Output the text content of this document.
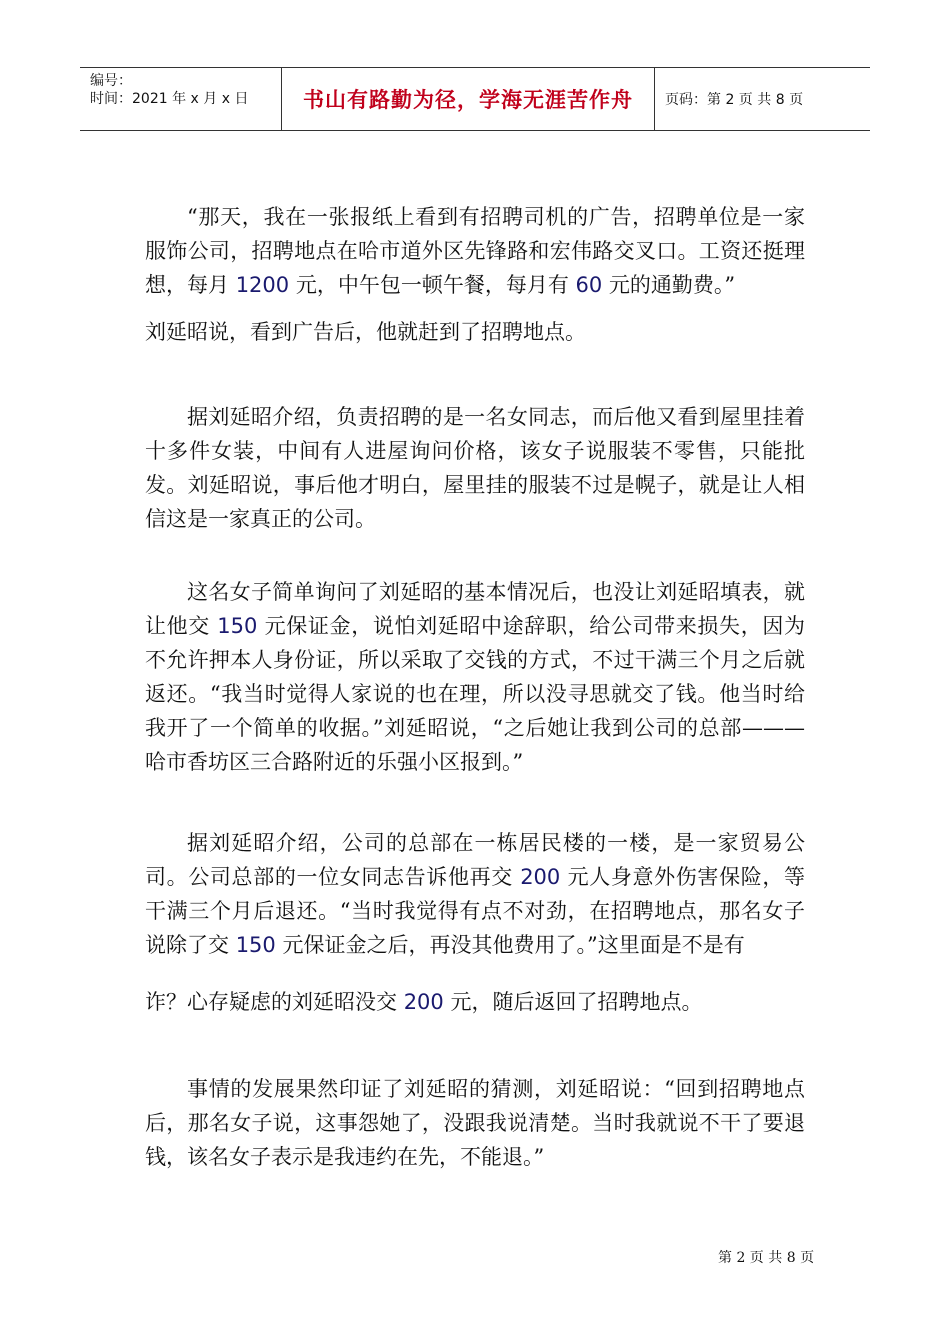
编号：
时间：2021 年 x 月 x 日	书山有路勤为径，学海无涯苦作舟 页码：第 2 页 共 8 页

“那天，我在一张报纸上看到有招聘司机的广告，招聘单位是一家服饰公司，招聘地点在哈市道外区先锋路和宏伟路交叉口。工资还挺理想，每月 1200 元，中午包一顿午餐，每月有 60 元的通勤费。”

刘延昭说，看到广告后，他就赶到了招聘地点。

据刘延昭介绍，负责招聘的是一名女同志，而后他又看到屋里挂着十多件女装，中间有人进屋询问价格，该女子说服装不零售，只能批发。刘延昭说，事后他才明白，屋里挂的服装不过是幌子，就是让人相信这是一家真正的公司。

这名女子简单询问了刘延昭的基本情况后，也没让刘延昭填表，就让他交 150 元保证金，说怕刘延昭中途辞职，给公司带来损失，因为不允许押本人身份证，所以采取了交钱的方式，不过干满三个月之后就返还。“我当时觉得人家说的也在理，所以没寻思就交了钱。他当时给我开了一个简单的收据。”刘延昭说，“之后她让我到公司的总部———哈市香坊区三合路附近的乐强小区报到。”

据刘延昭介绍，公司的总部在一栋居民楼的一楼，是一家贸易公司。公司总部的一位女同志告诉他再交 200 元人身意外伤害保险，等干满三个月后退还。“当时我觉得有点不对劲，在招聘地点，那名女子说除了交 150 元保证金之后，再没其他费用了。”这里面是不是有

诈？心存疑虑的刘延昭没交 200 元，随后返回了招聘地点。

事情的发展果然印证了刘延昭的猜测，刘延昭说：“回到招聘地点后，那名女子说，这事怨她了，没跟我说清楚。当时我就说不干了要退钱，该名女子表示是我违约在先，不能退。”

第 2 页 共 8 页
